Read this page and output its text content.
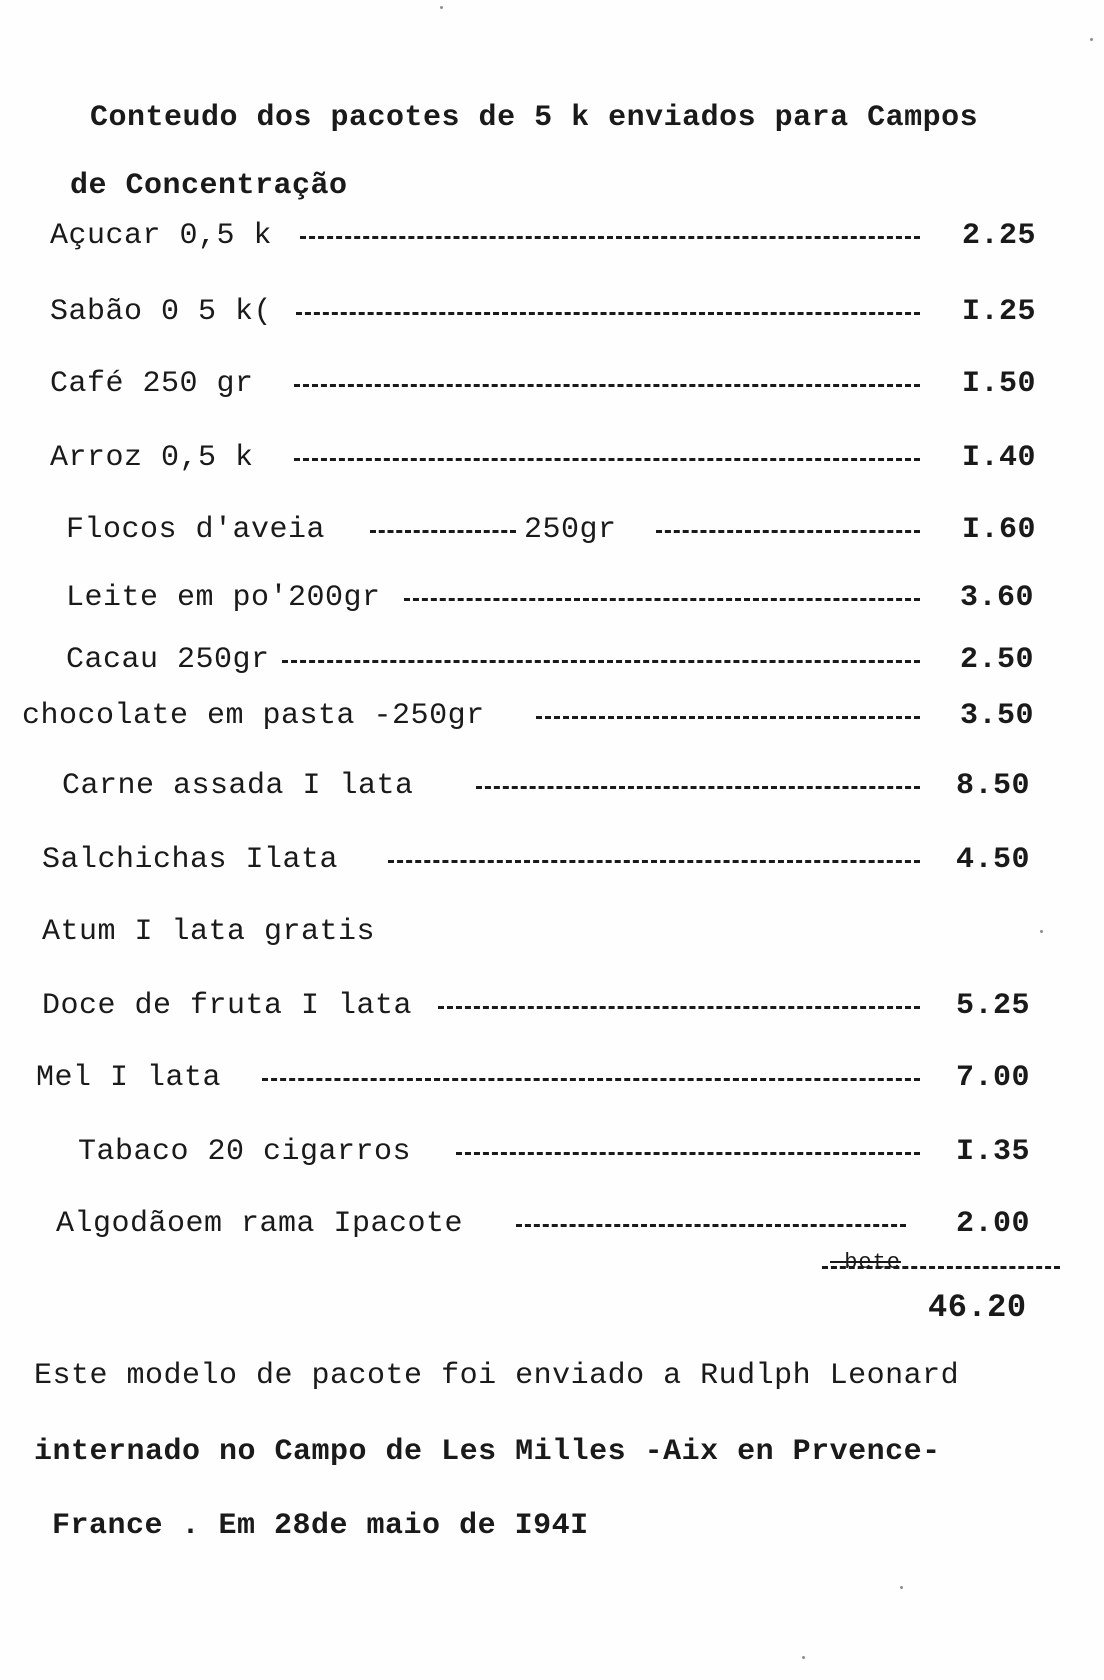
Conteudo dos pacotes de 5 k enviados para Campos
de Concentração
Açucar 0,5 k	2.25
Sabão 0 5 k(	I.25
Café 250 gr	I.50
Arroz 0,5 k	I.40
Flocos d'aveia	250gr	I.60
Leite em po'200gr	3.60
Cacau 250gr	2.50
chocolate em pasta -250gr	3.50
Carne assada I lata	8.50
Salchichas Ilata	4.50
Atum I lata gratis
Doce de fruta I lata	5.25
Mel I lata	7.00
Tabaco 20 cigarros	I.35
Algodãoem rama Ipacote	2.00
-bete
46.20
Este modelo de pacote foi enviado a Rudlph Leonard
internado no Campo de Les Milles -Aix en Prvence-
France . Em 28de maio de I94I
